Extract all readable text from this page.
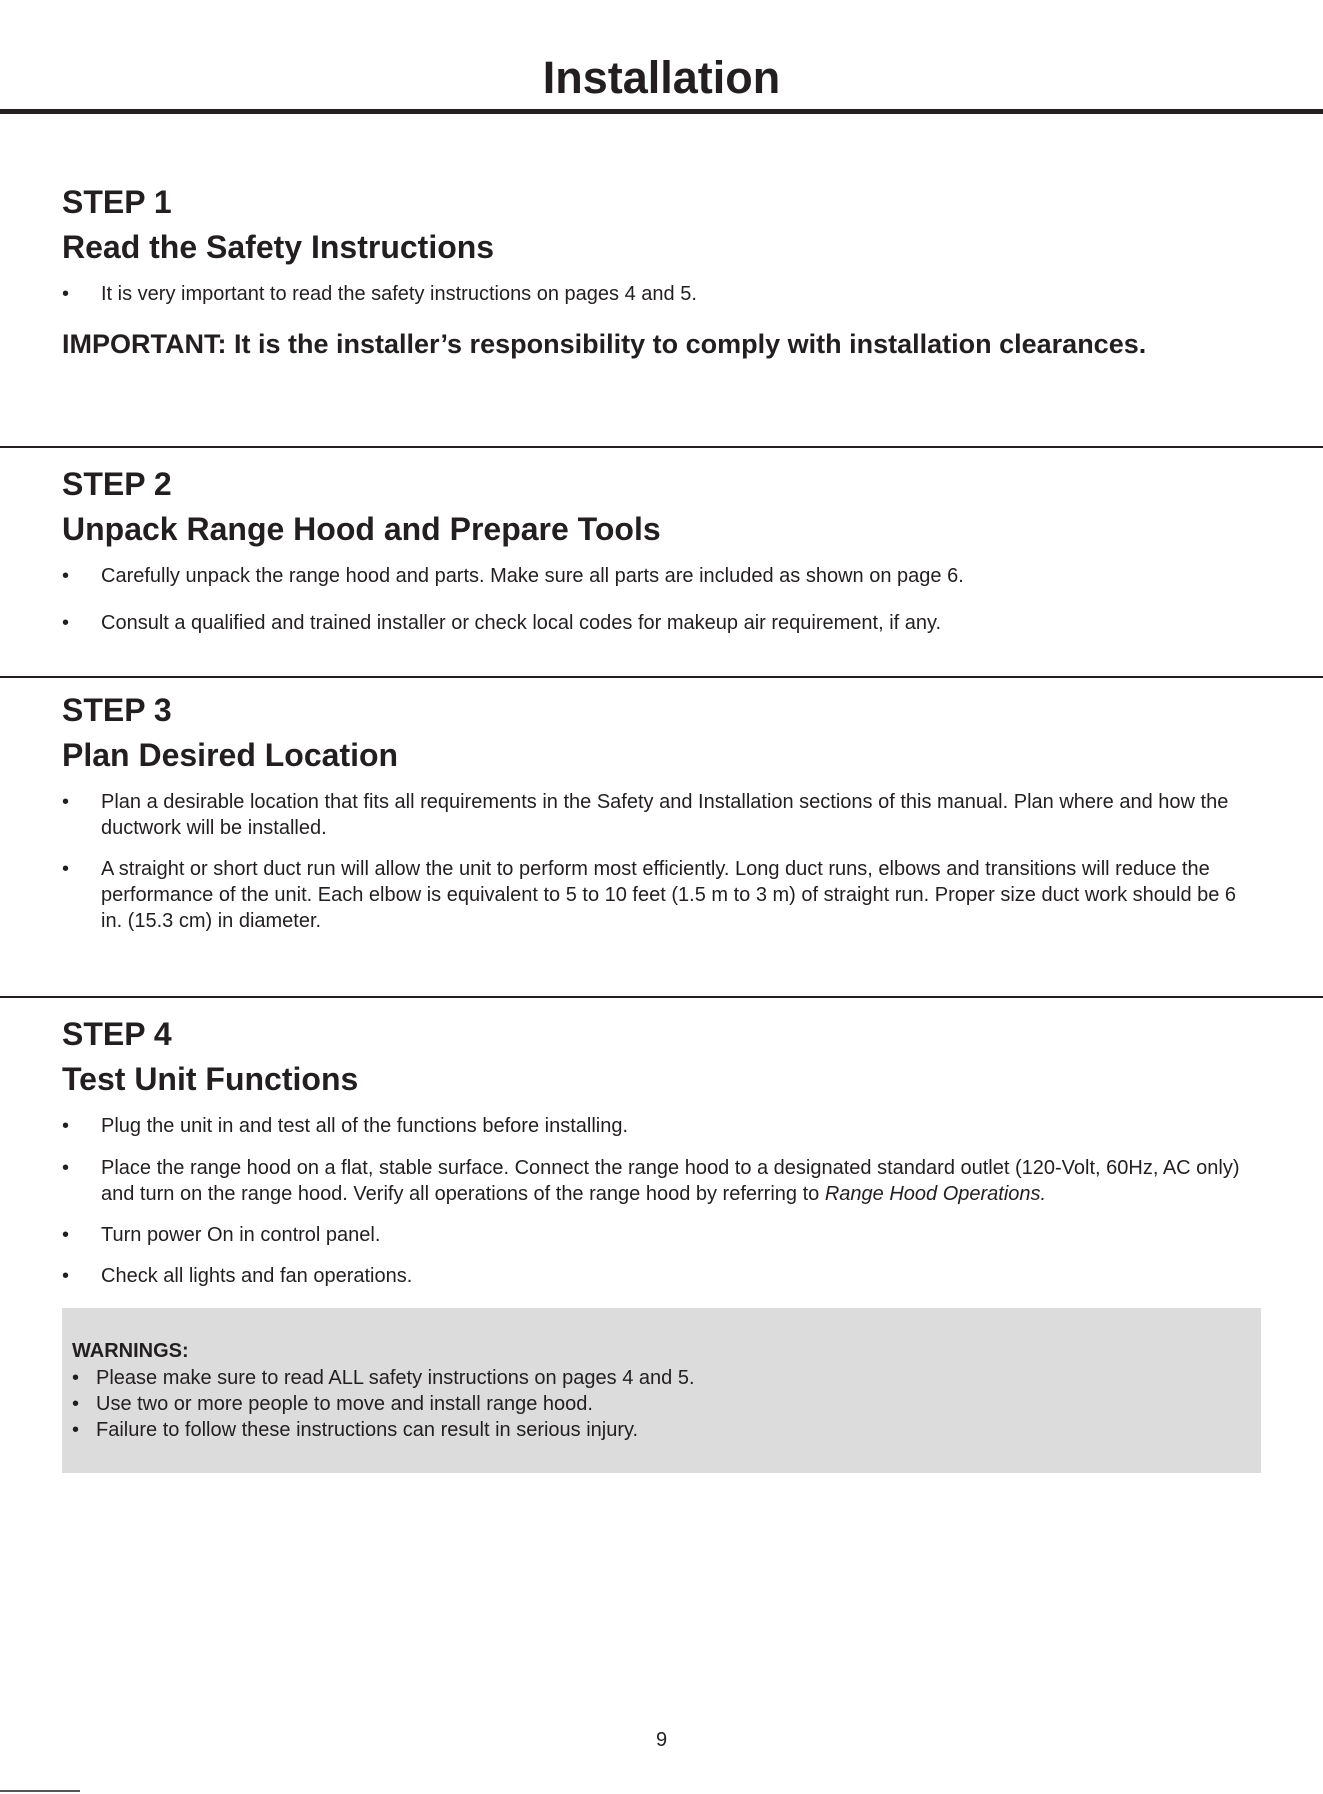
Installation
STEP 1
Read the Safety Instructions
•	It is very important to read the safety instructions on pages 4 and 5.
IMPORTANT: It is the installer’s responsibility to comply with installation clearances.
STEP 2
Unpack Range Hood and Prepare Tools
•	Carefully unpack the range hood and parts. Make sure all parts are included as shown on page 6.
•	Consult a qualified and trained installer or check local codes for makeup air requirement, if any.
STEP 3
Plan Desired Location
•	Plan a desirable location that fits all requirements in the Safety and Installation sections of this manual. Plan where and how the ductwork will be installed.
•	A straight or short duct run will allow the unit to perform most efficiently. Long duct runs, elbows and transitions will reduce the performance of the unit. Each elbow is equivalent to 5 to 10 feet (1.5 m to 3 m) of straight run. Proper size duct work should be 6 in. (15.3 cm) in diameter.
STEP 4
Test Unit Functions
•	Plug the unit in and test all of the functions before installing.
•	Place the range hood on a flat, stable surface. Connect the range hood to a designated standard outlet (120-Volt, 60Hz, AC only) and turn on the range hood. Verify all operations of the range hood by referring to Range Hood Operations.
•	Turn power On in control panel.
•	Check all lights and fan operations.
WARNINGS:
• Please make sure to read ALL safety instructions on pages 4 and 5.
• Use two or more people to move and install range hood.
• Failure to follow these instructions can result in serious injury.
9
